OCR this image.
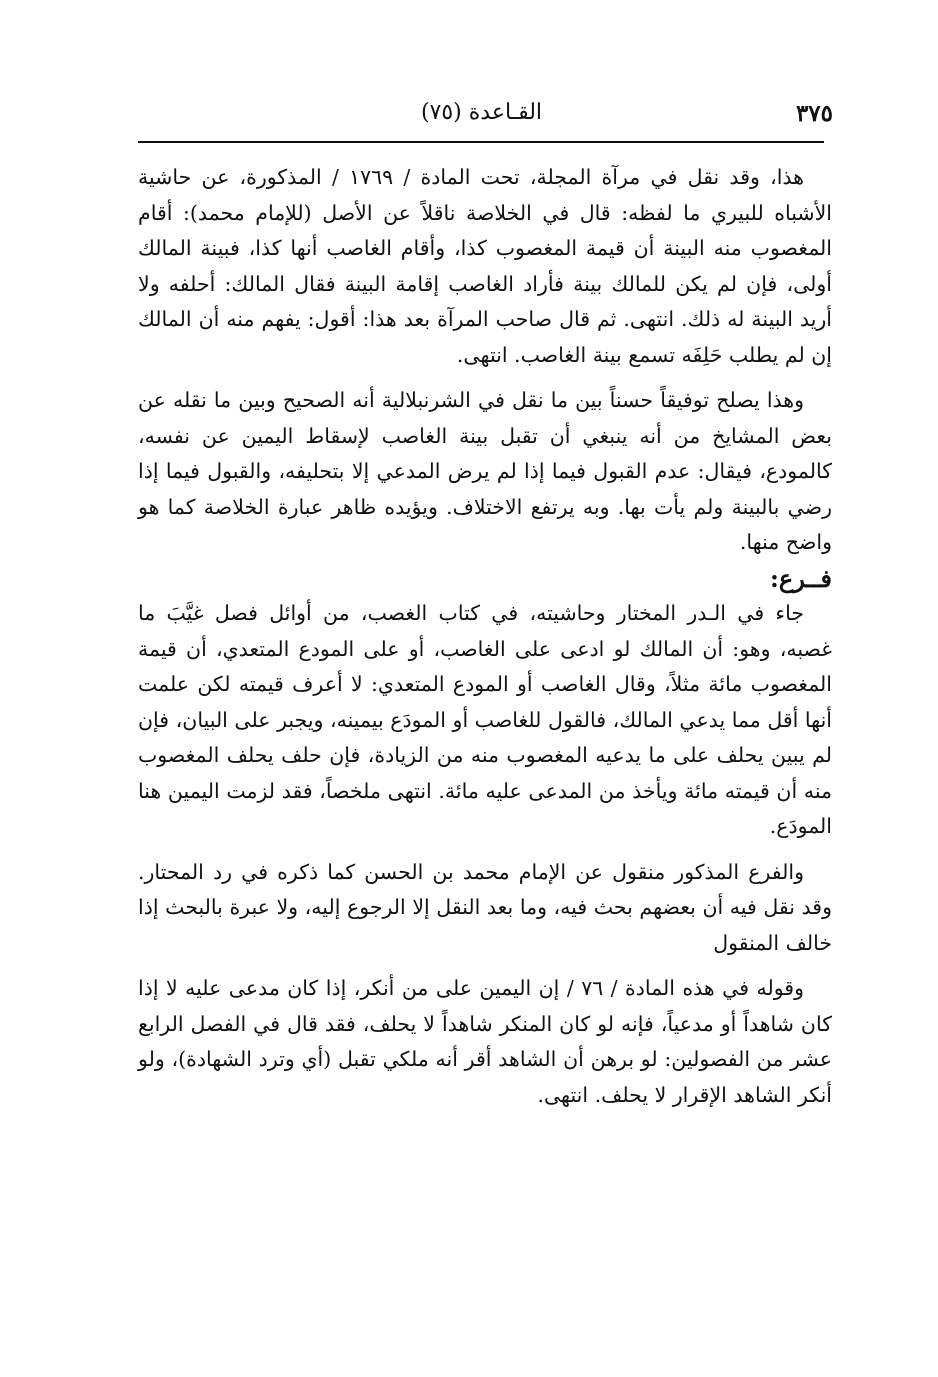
٣٧٥
القـاعدة (٧٥)

هذا، وقد نقل في مرآة المجلة، تحت المادة / ١٧٦٩ / المذكورة، عن حاشية الأشباه للبيري ما لفظه: قال في الخلاصة ناقلاً عن الأصل (للإمام محمد): أقام المغصوب منه البينة أن قيمة المغصوب كذا، وأقام الغاصب أنها كذا، فبينة المالك أولى، فإن لم يكن للمالك بينة فأراد الغاصب إقامة البينة فقال المالك: أحلفه ولا أريد البينة له ذلك. انتهى. ثم قال صاحب المرآة بعد هذا: أقول: يفهم منه أن المالك إن لم يطلب حَلِفَه تسمع بينة الغاصب. انتهى.

وهذا يصلح توفيقاً حسناً بين ما نقل في الشرنبلالية أنه الصحيح وبين ما نقله عن بعض المشايخ من أنه ينبغي أن تقبل بينة الغاصب لإسقاط اليمين عن نفسه، كالمودع، فيقال: عدم القبول فيما إذا لم يرض المدعي إلا بتحليفه، والقبول فيما إذا رضي بالبينة ولم يأت بها. وبه يرتفع الاختلاف. ويؤيده ظاهر عبارة الخلاصة كما هو واضح منها.

فــرع:

جاء في الـدر المختار وحاشيته، في كتاب الغصب، من أوائل فصل غيَّبَ ما غصبه، وهو: أن المالك لو ادعى على الغاصب، أو على المودع المتعدي، أن قيمة المغصوب مائة مثلاً، وقال الغاصب أو المودع المتعدي: لا أعرف قيمته لكن علمت أنها أقل مما يدعي المالك، فالقول للغاصب أو المودَع بيمينه، ويجبر على البيان، فإن لم يبين يحلف على ما يدعيه المغصوب منه من الزيادة، فإن حلف يحلف المغصوب منه أن قيمته مائة ويأخذ من المدعى عليه مائة. انتهى ملخصاً، فقد لزمت اليمين هنا المودَع.

والفرع المذكور منقول عن الإمام محمد بن الحسن كما ذكره في رد المحتار. وقد نقل فيه أن بعضهم بحث فيه، وما بعد النقل إلا الرجوع إليه، ولا عبرة بالبحث إذا خالف المنقول

وقوله في هذه المادة / ٧٦ / إن اليمين على من أنكر، إذا كان مدعى عليه لا إذا كان شاهداً أو مدعياً، فإنه لو كان المنكر شاهداً لا يحلف، فقد قال في الفصل الرابع عشر من الفصولين: لو برهن أن الشاهد أقر أنه ملكي تقبل (أي وترد الشهادة)، ولو أنكر الشاهد الإقرار لا يحلف. انتهى.
